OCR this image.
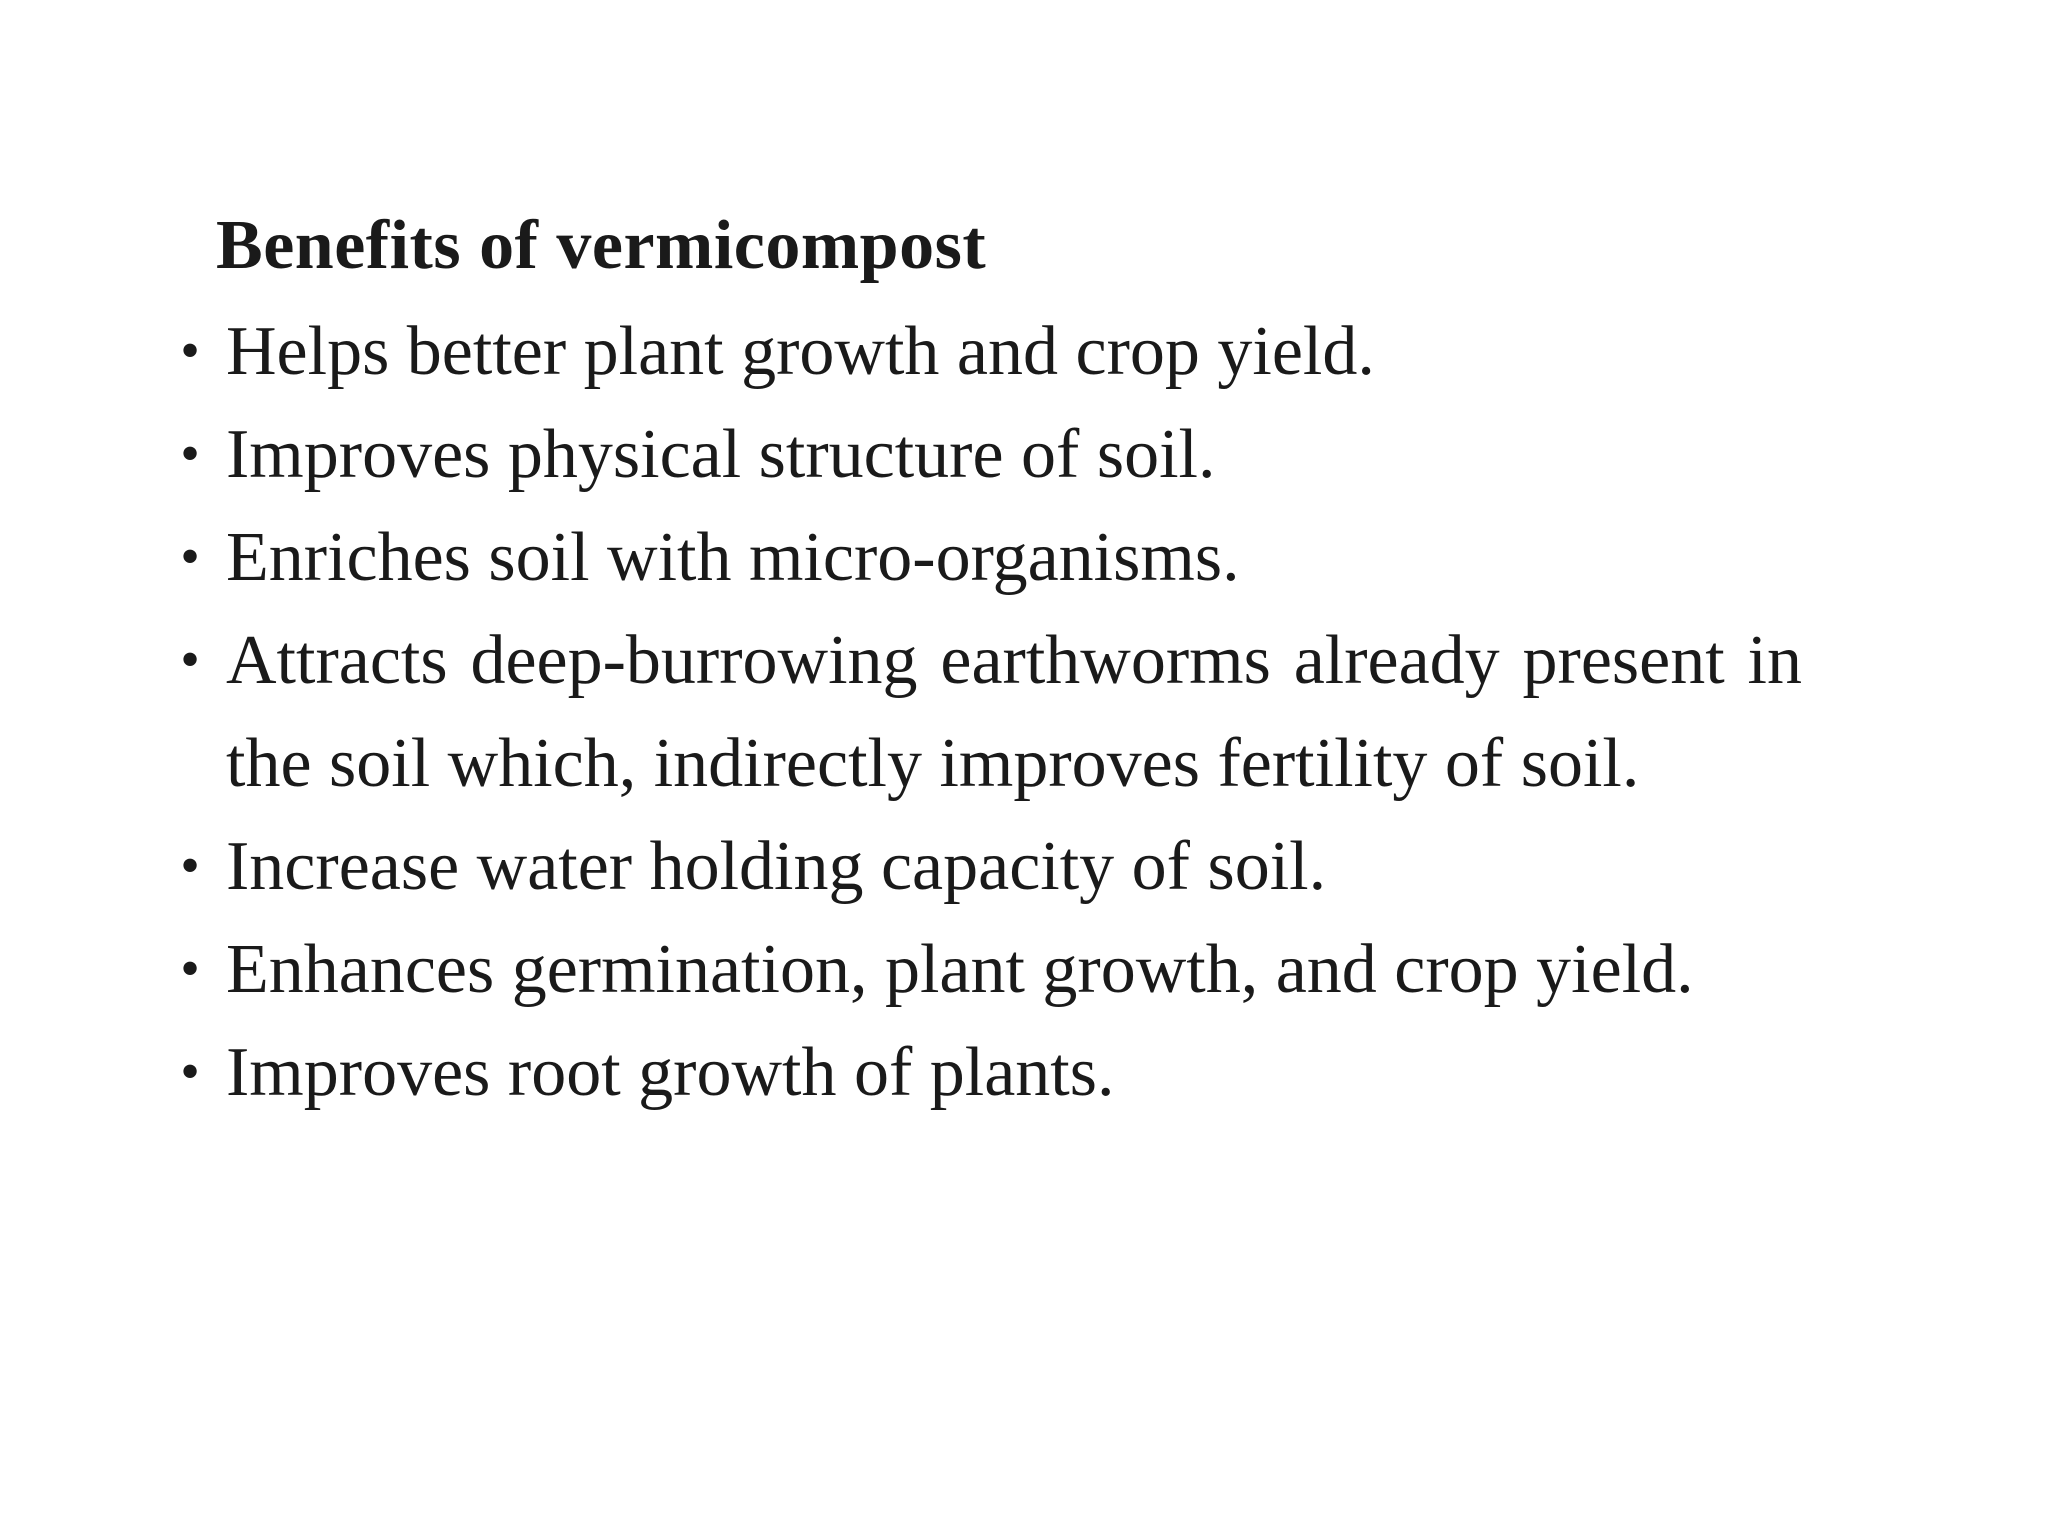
Benefits of vermicompost
• Helps better plant growth and crop yield.
• Improves physical structure of soil.
• Enriches soil with micro-organisms.
• Attracts deep-burrowing earthworms already present in the soil which, indirectly improves fertility of soil.
• Increase water holding capacity of soil.
• Enhances germination, plant growth, and crop yield.
• Improves root growth of plants.
